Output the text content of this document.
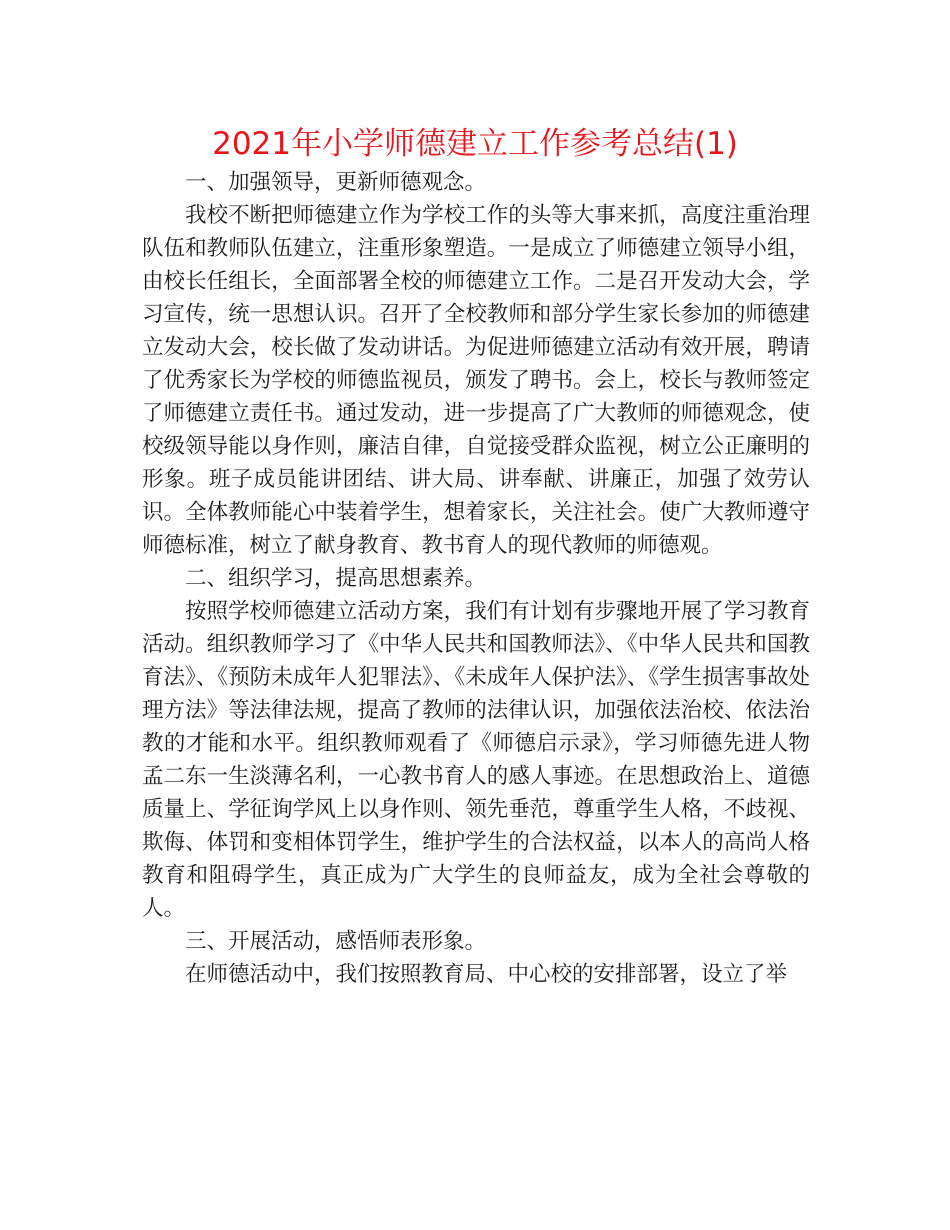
2021年小学师德建立工作参考总结(1)

一、加强领导，更新师德观念。

我校不断把师德建立作为学校工作的头等大事来抓，高度注重治理队伍和教师队伍建立，注重形象塑造。一是成立了师德建立领导小组，由校长任组长，全面部署全校的师德建立工作。二是召开发动大会，学习宣传，统一思想认识。召开了全校教师和部分学生家长参加的师德建立发动大会，校长做了发动讲话。为促进师德建立活动有效开展，聘请了优秀家长为学校的师德监视员，颁发了聘书。会上，校长与教师签定了师德建立责任书。通过发动，进一步提高了广大教师的师德观念，使校级领导能以身作则，廉洁自律，自觉接受群众监视，树立公正廉明的形象。班子成员能讲团结、讲大局、讲奉献、讲廉正，加强了效劳认识。全体教师能心中装着学生，想着家长，关注社会。使广大教师遵守师德标准，树立了献身教育、教书育人的现代教师的师德观。

二、组织学习，提高思想素养。

按照学校师德建立活动方案，我们有计划有步骤地开展了学习教育活动。组织教师学习了《中华人民共和国教师法》、《中华人民共和国教育法》、《预防未成年人犯罪法》、《未成年人保护法》、《学生损害事故处理方法》等法律法规，提高了教师的法律认识，加强依法治校、依法治教的才能和水平。组织教师观看了《师德启示录》，学习师德先进人物孟二东一生淡薄名利，一心教书育人的感人事迹。在思想政治上、道德质量上、学征询学风上以身作则、领先垂范，尊重学生人格，不歧视、欺侮、体罚和变相体罚学生，维护学生的合法权益，以本人的高尚人格教育和阻碍学生，真正成为广大学生的良师益友，成为全社会尊敬的人。

三、开展活动，感悟师表形象。

在师德活动中，我们按照教育局、中心校的安排部署，设立了举
